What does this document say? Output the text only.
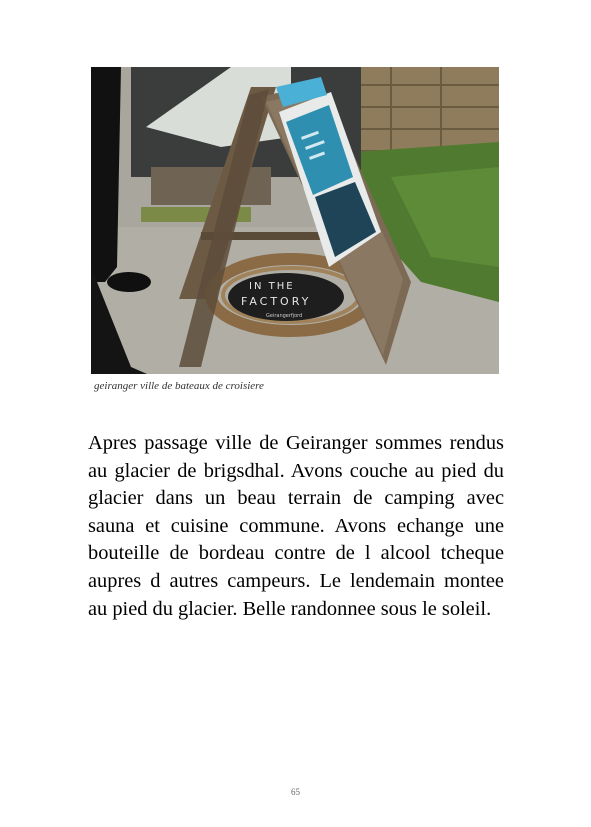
IN THE
FACTORY
Geirangerfjord
geiranger ville de bateaux de croisiere

Apres passage ville de Geiranger sommes rendus au glacier de brigsdhal. Avons couche au pied du glacier dans un beau terrain de camping avec sauna et cuisine commune. Avons echange une bouteille de bordeau contre de l alcool tcheque aupres d autres campeurs. Le lendemain montee au pied du glacier. Belle randonnee sous le soleil.

65
